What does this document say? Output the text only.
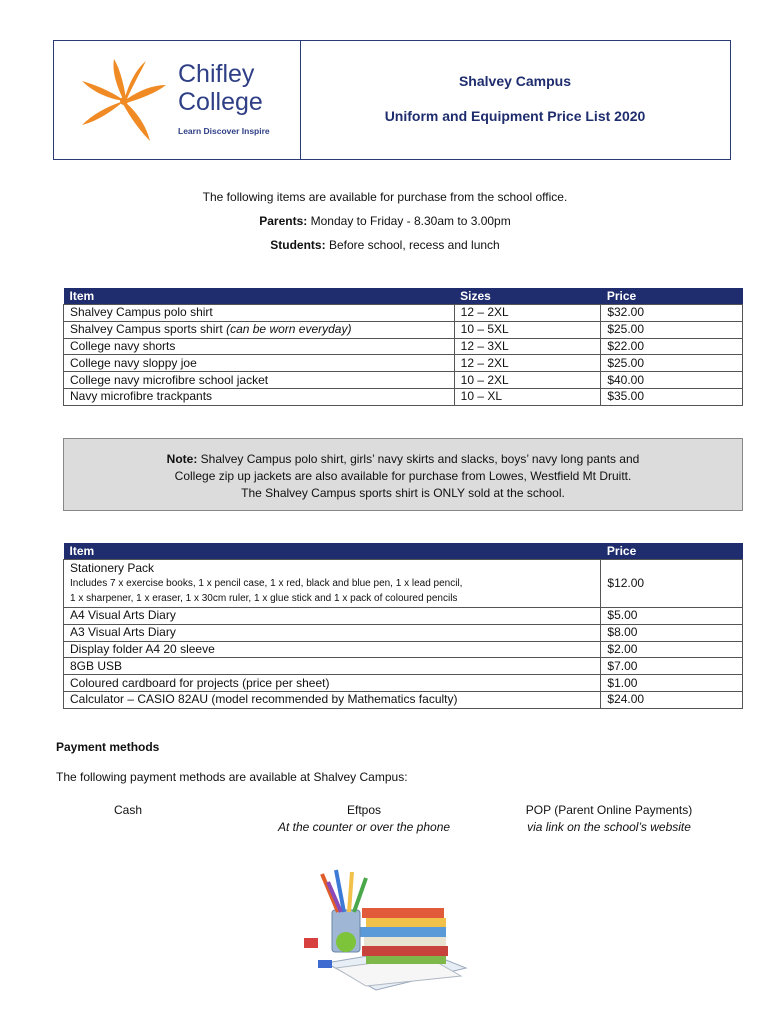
Chifley
College
Learn Discover Inspire
Shalvey Campus
Uniform and Equipment Price List 2020
The following items are available for purchase from the school office.
Parents: Monday to Friday - 8.30am to 3.00pm
Students: Before school, recess and lunch
Item	Sizes	Price
Shalvey Campus polo shirt	12 – 2XL	$32.00
Shalvey Campus sports shirt (can be worn everyday)	10 – 5XL	$25.00
College navy shorts	12 – 3XL	$22.00
College navy sloppy joe	12 – 2XL	$25.00
College navy microfibre school jacket	10 – 2XL	$40.00
Navy microfibre trackpants	10 – XL	$35.00
Note: Shalvey Campus polo shirt, girls’ navy skirts and slacks, boys’ navy long pants and
College zip up jackets are also available for purchase from Lowes, Westfield Mt Druitt.
The Shalvey Campus sports shirt is ONLY sold at the school.
Item	Price

Stationery Pack
Includes 7 x exercise books, 1 x pencil case, 1 x red, black and blue pen, 1 x lead pencil,
1 x sharpener, 1 x eraser, 1 x 30cm ruler, 1 x glue stick and 1 x pack of coloured pencils	$12.00
A4 Visual Arts Diary	$5.00
A3 Visual Arts Diary	$8.00
Display folder A4 20 sleeve	$2.00
8GB USB	$7.00
Coloured cardboard for projects (price per sheet)	$1.00
Calculator – CASIO 82AU (model recommended by Mathematics faculty)	$24.00
Payment methods
The following payment methods are available at Shalvey Campus:
Cash	Eftpos
At the counter or over the phone
POP (Parent Online Payments)
via link on the school’s website
